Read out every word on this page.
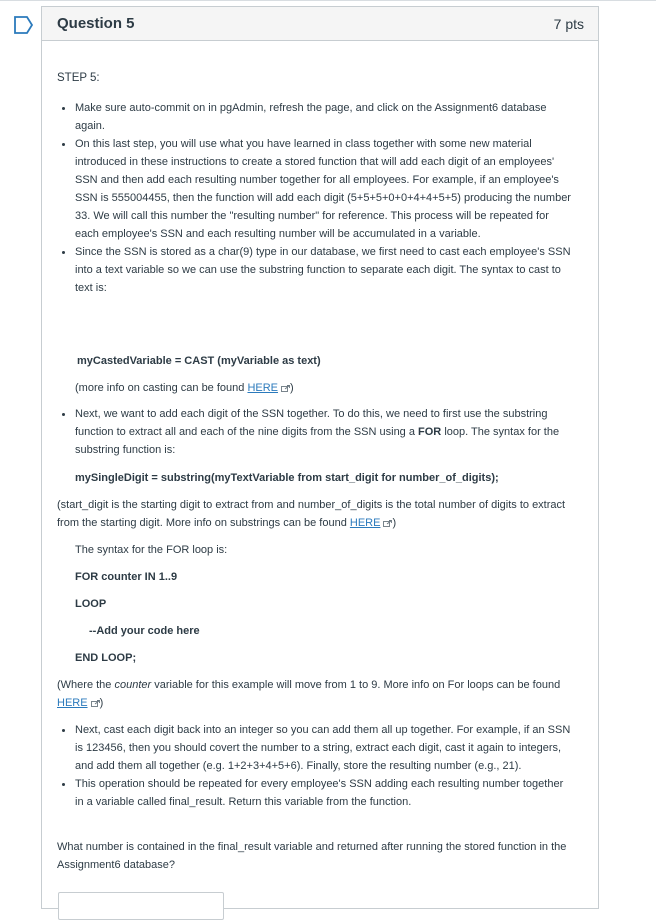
Question 5	7 pts
STEP 5:
Make sure auto-commit on in pgAdmin, refresh the page, and click on the Assignment6 database again.
On this last step, you will use what you have learned in class together with some new material introduced in these instructions to create a stored function that will add each digit of an employees' SSN and then add each resulting number together for all employees. For example, if an employee's SSN is 555004455, then the function will add each digit (5+5+5+0+0+4+4+5+5) producing the number 33. We will call this number the "resulting number" for reference. This process will be repeated for each employee's SSN and each resulting number will be accumulated in a variable.
Since the SSN is stored as a char(9) type in our database, we first need to cast each employee's SSN into a text variable so we can use the substring function to separate each digit. The syntax to cast to text is:
myCastedVariable = CAST (myVariable as text)
(more info on casting can be found HERE )
Next, we want to add each digit of the SSN together. To do this, we need to first use the substring function to extract all and each of the nine digits from the SSN using a FOR loop. The syntax for the substring function is:
mySingleDigit = substring(myTextVariable from start_digit for number_of_digits);
(start_digit is the starting digit to extract from and number_of_digits is the total number of digits to extract from the starting digit. More info on substrings can be found HERE )
The syntax for the FOR loop is:
FOR counter IN 1..9
LOOP
--Add your code here
END LOOP;
(Where the counter variable for this example will move from 1 to 9. More info on For loops can be found HERE )
Next, cast each digit back into an integer so you can add them all up together. For example, if an SSN is 123456, then you should covert the number to a string, extract each digit, cast it again to integers, and add them all together (e.g. 1+2+3+4+5+6). Finally, store the resulting number (e.g., 21).
This operation should be repeated for every employee's SSN adding each resulting number together in a variable called final_result. Return this variable from the function.
What number is contained in the final_result variable and returned after running the stored function in the Assignment6 database?
